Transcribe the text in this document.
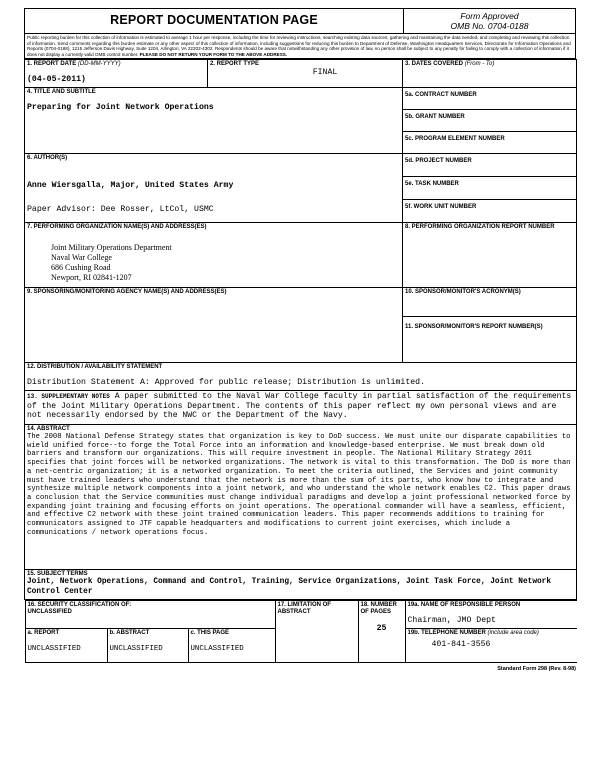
REPORT DOCUMENTATION PAGE	Form Approved
OMB No. 0704-0188
Public reporting burden for this collection of information is estimated to average 1 hour per response, including the time for reviewing instructions, searching existing data sources, gathering and maintaining the data needed, and completing and reviewing this collection of information. Send comments regarding this burden estimate or any other aspect of this collection of information, including suggestions for reducing this burden to Department of Defense, Washington Headquarters Services, Directorate for Information Operations and Reports (0704-0188), 1215 Jefferson Davis Highway, Suite 1204, Arlington, VA 22202-4302. Respondents should be aware that notwithstanding any other provision of law, no person shall be subject to any penalty for failing to comply with a collection of information if it does not display a currently valid OMB control number. PLEASE DO NOT RETURN YOUR FORM TO THE ABOVE ADDRESS.
1. REPORT DATE (DD-MM-YYYY)
(04-05-2011)	
2. REPORT TYPE
FINAL

3. DATES COVERED (From - To)

4. TITLE AND SUBTITLE
Preparing for Joint Network Operations	
5a. CONTRACT NUMBER

5b. GRANT NUMBER

5c. PROGRAM ELEMENT NUMBER

6. AUTHOR(S)
Anne Wiersgalla, Major, United States Army
Paper Advisor: Dee Rosser, LtCol, USMC

5d. PROJECT NUMBER

5e. TASK NUMBER

5f. WORK UNIT NUMBER

7. PERFORMING ORGANIZATION NAME(S) AND ADDRESS(ES)
Joint Military Operations Department
Naval War College
686 Cushing Road
Newport, RI 02841-1207

8. PERFORMING ORGANIZATION REPORT NUMBER

9. SPONSORING/MONITORING AGENCY NAME(S) AND ADDRESS(ES)	10. SPONSOR/MONITOR'S ACRONYM(S)

11. SPONSOR/MONITOR'S REPORT NUMBER(S)

12. DISTRIBUTION / AVAILABILITY STATEMENT
Distribution Statement A: Approved for public release; Distribution is unlimited.

13. SUPPLEMENTARY NOTES A paper submitted to the Naval War College faculty in partial satisfaction of the requirements of the Joint Military Operations Department. The contents of this paper reflect my own personal views and are not necessarily endorsed by the NWC or the Department of the Navy.

14. ABSTRACT
The 2008 National Defense Strategy states that organization is key to DoD success. We must unite our disparate capabilities to wield unified force--to forge the Total Force into an information and knowledge-based enterprise. We must break down old barriers and transform our organizations. This will require investment in people. The National Military Strategy 2011 specifies that joint forces will be networked organizations. The network is vital to this transformation. The DoD is more than a net-centric organization; it is a networked organization. To meet the criteria outlined, the Services and joint community must have trained leaders who understand that the network is more than the sum of its parts, who know how to integrate and synthesize multiple network components into a joint network, and who understand the whole network enables C2. This paper draws a conclusion that the Service communities must change individual paradigms and develop a joint professional networked force by expanding joint training and focusing efforts on joint operations. The operational commander will have a seamless, efficient, and effective C2 network with these joint trained communication leaders. This paper recommends additions to training for communicators assigned to JTF capable headquarters and modifications to current joint exercises, which include a communications / network operations focus.

15. SUBJECT TERMS
Joint, Network Operations, Command and Control, Training, Service Organizations, Joint Task Force, Joint Network Control Center

16. SECURITY CLASSIFICATION OF:
UNCLASSIFIED

17. LIMITATION OF ABSTRACT

18. NUMBER OF PAGES
25

19a. NAME OF RESPONSIBLE PERSON
Chairman, JMO Dept

a. REPORT
UNCLASSIFIED	
b. ABSTRACT
UNCLASSIFIED	
c. THIS PAGE
UNCLASSIFIED	
19b. TELEPHONE NUMBER (include area code)
401-841-3556
Standard Form 298 (Rev. 8-98)
